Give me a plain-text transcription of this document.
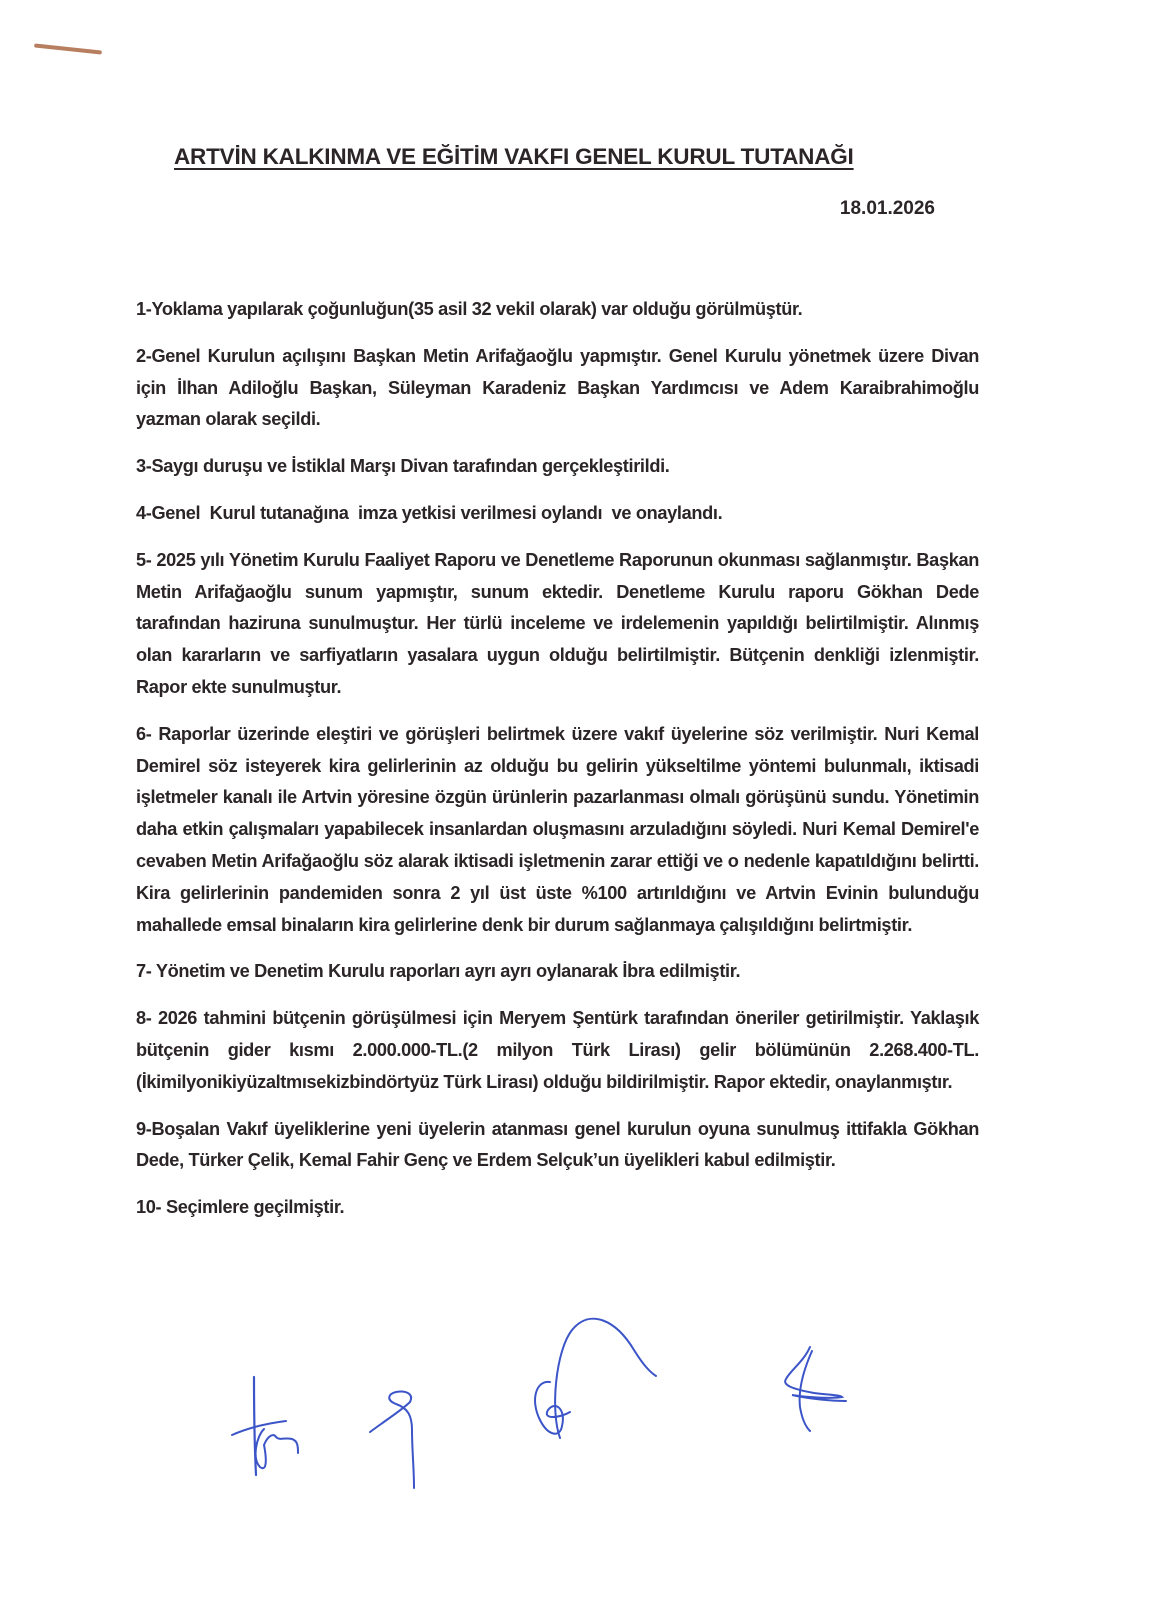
ARTVİN KALKINMA VE EĞİTİM VAKFI GENEL KURUL TUTANAĞI
18.01.2026

1-Yoklama yapılarak çoğunluğun(35 asil 32 vekil olarak) var olduğu görülmüştür.

2-Genel Kurulun açılışını Başkan Metin Arifağaoğlu yapmıştır. Genel Kurulu yönetmek üzere Divan için İlhan Adiloğlu Başkan, Süleyman Karadeniz Başkan Yardımcısı ve Adem Karaibrahimoğlu yazman olarak seçildi.

3-Saygı duruşu ve İstiklal Marşı Divan tarafından gerçekleştirildi.

4-Genel  Kurul tutanağına  imza yetkisi verilmesi oylandı  ve onaylandı.

5- 2025 yılı Yönetim Kurulu Faaliyet Raporu ve Denetleme Raporunun okunması sağlanmıştır. Başkan Metin Arifağaoğlu sunum yapmıştır, sunum ektedir. Denetleme Kurulu raporu Gökhan Dede tarafından haziruna sunulmuştur. Her türlü inceleme ve irdelemenin yapıldığı belirtilmiştir. Alınmış olan kararların ve sarfiyatların yasalara uygun olduğu belirtilmiştir. Bütçenin denkliği izlenmiştir. Rapor ekte sunulmuştur.

6- Raporlar üzerinde eleştiri ve görüşleri belirtmek üzere vakıf üyelerine söz verilmiştir. Nuri Kemal Demirel söz isteyerek kira gelirlerinin az olduğu bu gelirin yükseltilme yöntemi bulunmalı, iktisadi işletmeler kanalı ile Artvin yöresine özgün ürünlerin pazarlanması olmalı görüşünü sundu. Yönetimin daha etkin çalışmaları yapabilecek insanlardan oluşmasını arzuladığını söyledi. Nuri Kemal Demirel'e cevaben Metin Arifağaoğlu söz alarak iktisadi işletmenin zarar ettiği ve o nedenle kapatıldığını belirtti. Kira gelirlerinin pandemiden sonra 2 yıl üst üste %100 artırıldığını ve Artvin Evinin bulunduğu mahallede emsal binaların kira gelirlerine denk bir durum sağlanmaya çalışıldığını belirtmiştir.

7- Yönetim ve Denetim Kurulu raporları ayrı ayrı oylanarak İbra edilmiştir.

8- 2026 tahmini bütçenin görüşülmesi için Meryem Şentürk tarafından öneriler getirilmiştir. Yaklaşık bütçenin gider kısmı 2.000.000-TL.(2 milyon Türk Lirası) gelir bölümünün 2.268.400-TL.(İkimilyonikiyüzaltmısekizbindörtyüz Türk Lirası) olduğu bildirilmiştir. Rapor ektedir, onaylanmıştır.

9-Boşalan Vakıf üyeliklerine yeni üyelerin atanması genel kurulun oyuna sunulmuş ittifakla Gökhan Dede, Türker Çelik, Kemal Fahir Genç ve Erdem Selçuk’un üyelikleri kabul edilmiştir.

10- Seçimlere geçilmiştir.
